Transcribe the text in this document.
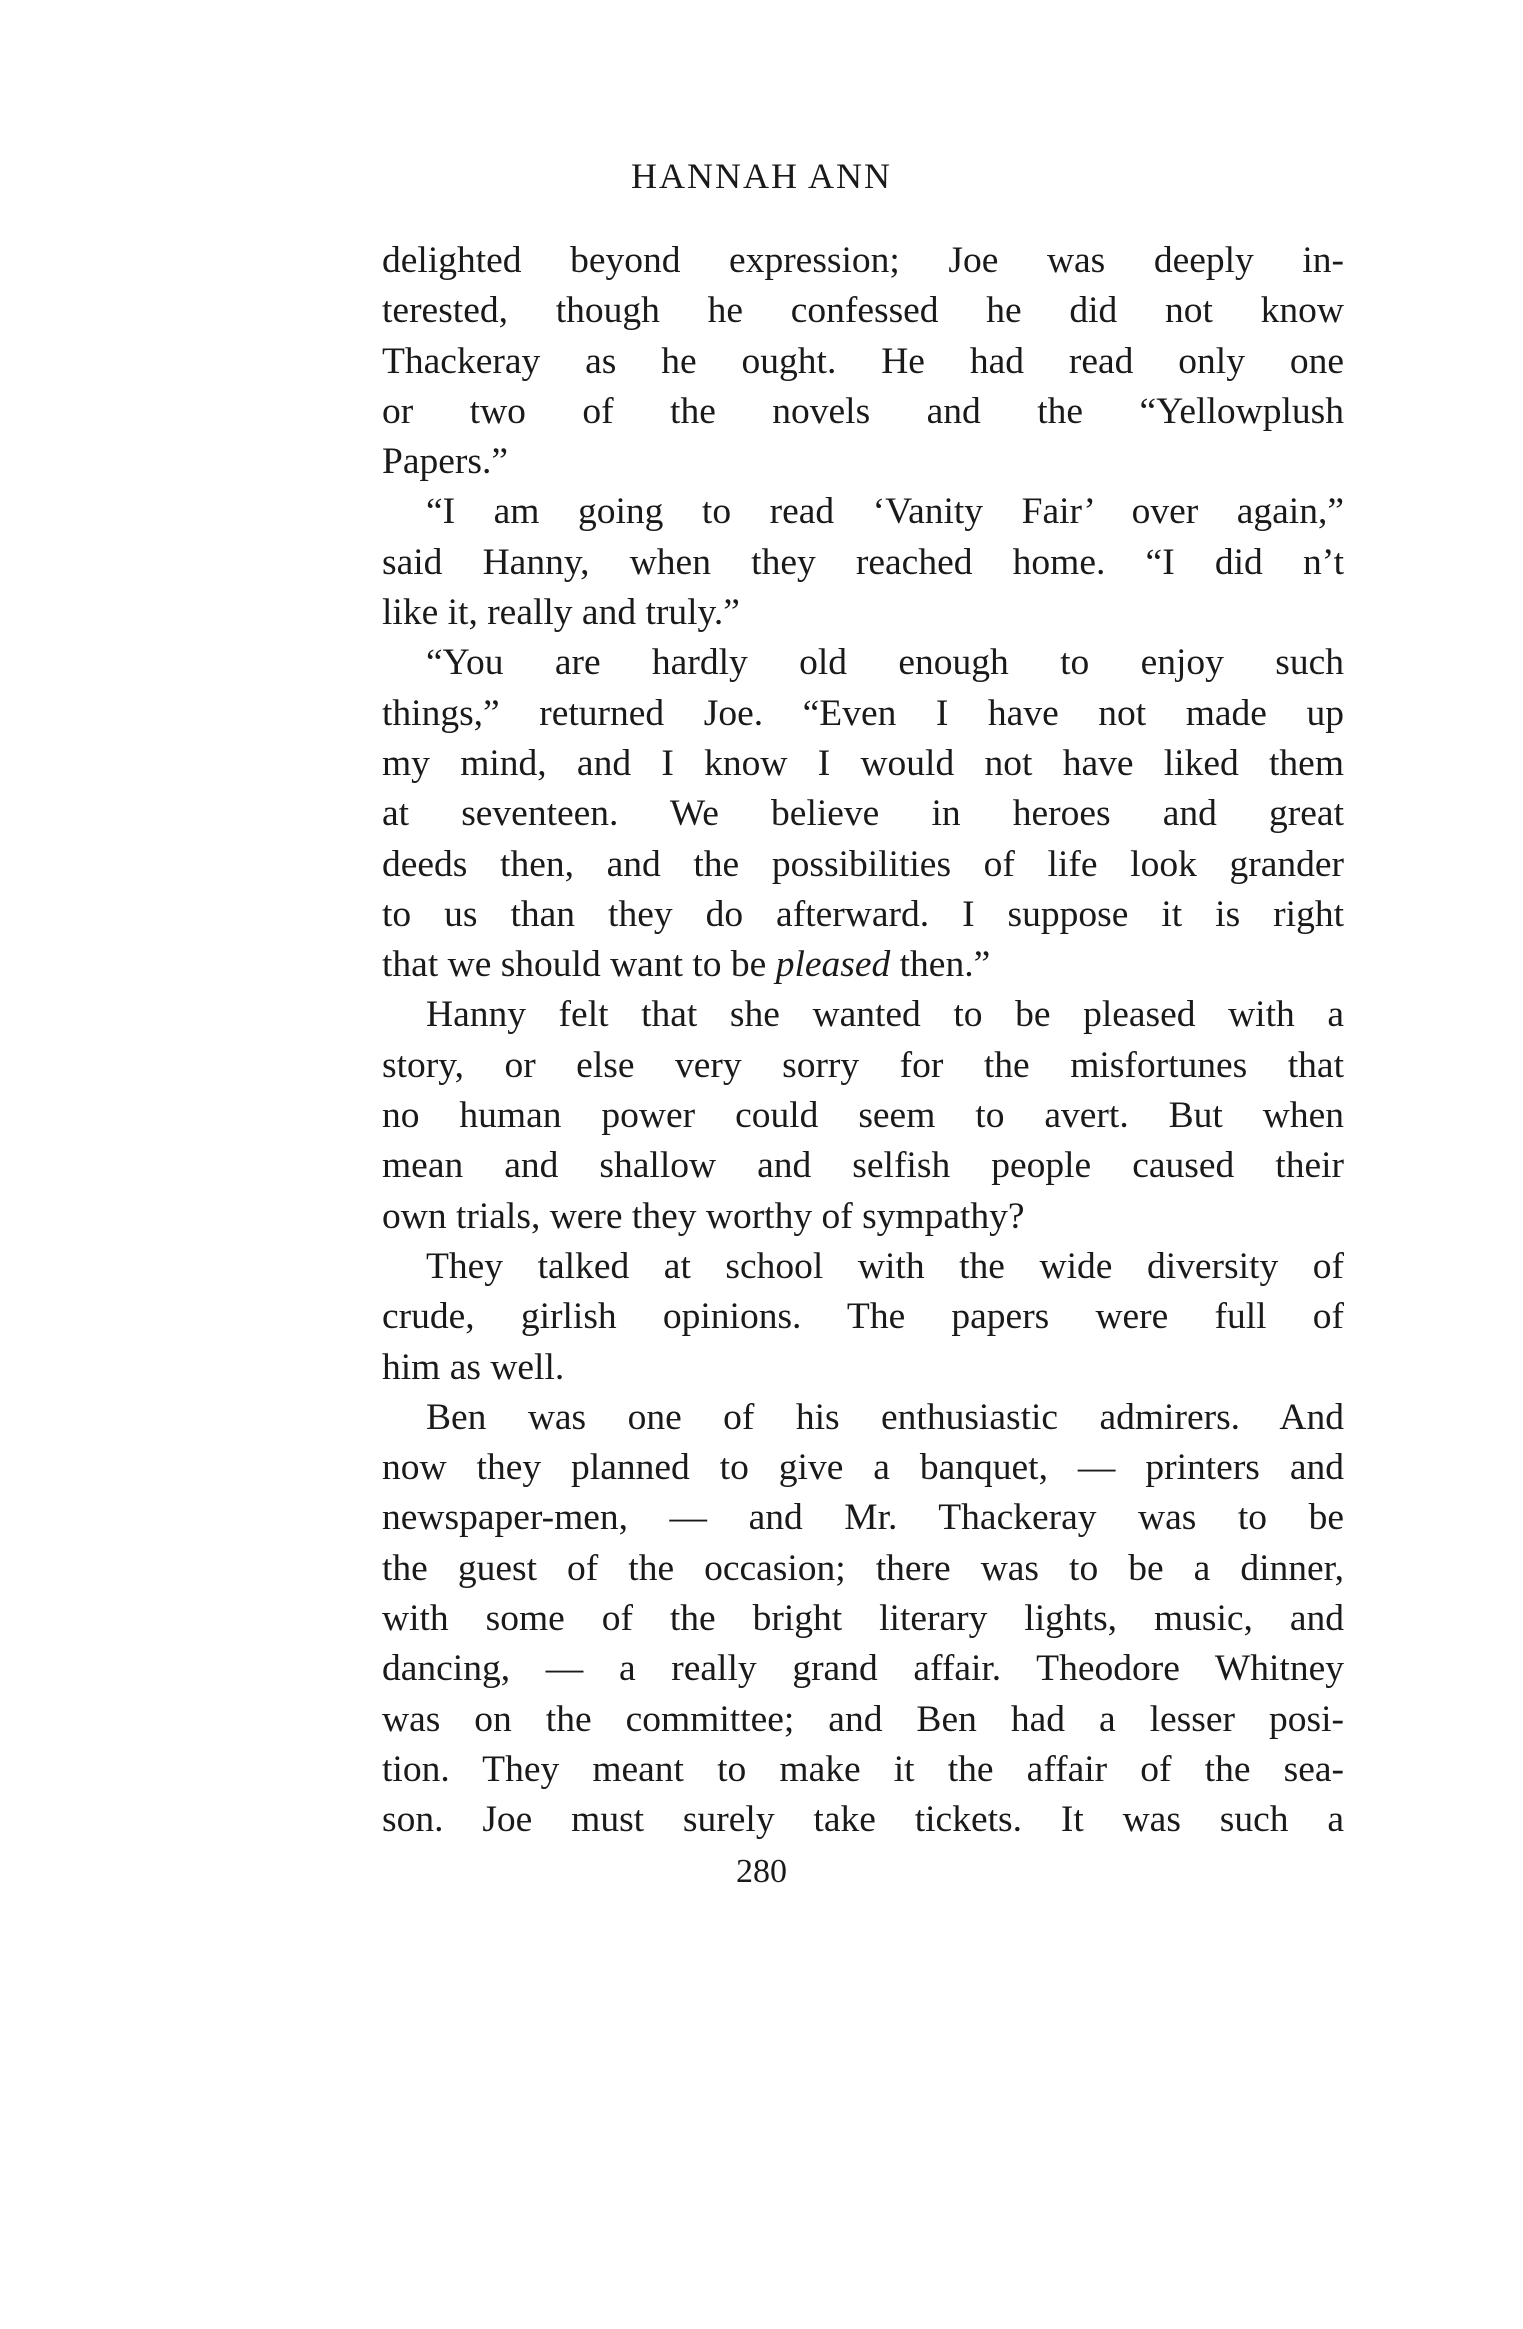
HANNAH ANN

delighted beyond expression; Joe was deeply in-
terested, though he confessed he did not know
Thackeray as he ought. He had read only one
or two of the novels and the “Yellowplush
Papers.”

“I am going to read ‘Vanity Fair’ over again,”
said Hanny, when they reached home. “I did n’t
like it, really and truly.”

“You are hardly old enough to enjoy such
things,” returned Joe. “Even I have not made up
my mind, and I know I would not have liked them
at seventeen. We believe in heroes and great
deeds then, and the possibilities of life look grander
to us than they do afterward. I suppose it is right
that we should want to be pleased then.”

Hanny felt that she wanted to be pleased with a
story, or else very sorry for the misfortunes that
no human power could seem to avert. But when
mean and shallow and selfish people caused their
own trials, were they worthy of sympathy?

They talked at school with the wide diversity of
crude, girlish opinions. The papers were full of
him as well.

Ben was one of his enthusiastic admirers. And
now they planned to give a banquet, — printers and
newspaper-men, — and Mr. Thackeray was to be
the guest of the occasion; there was to be a dinner,
with some of the bright literary lights, music, and
dancing, — a really grand affair. Theodore Whitney
was on the committee; and Ben had a lesser posi-
tion. They meant to make it the affair of the sea-
son. Joe must surely take tickets. It was such a

280
